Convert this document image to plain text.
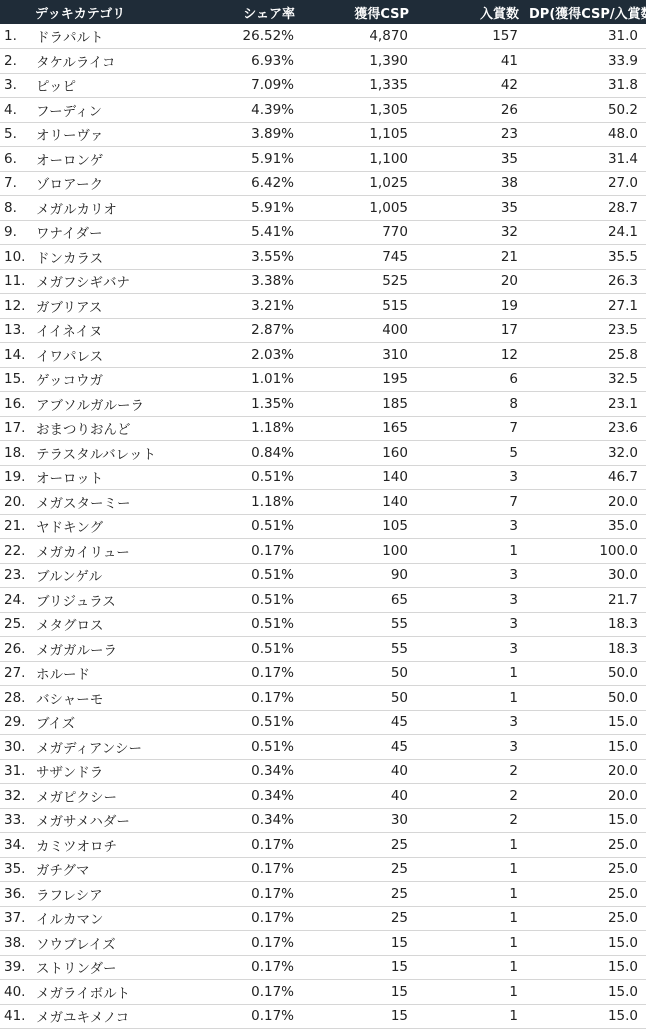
	デッキカテゴリ	シェア率	獲得CSP	入賞数	DP(獲得CSP/入賞数)
1.	ドラパルト	26.52%	4,870	157	31.0
2.	タケルライコ	6.93%	1,390	41	33.9
3.	ピッピ	7.09%	1,335	42	31.8
4.	フーディン	4.39%	1,305	26	50.2
5.	オリーヴァ	3.89%	1,105	23	48.0
6.	オーロンゲ	5.91%	1,100	35	31.4
7.	ゾロアーク	6.42%	1,025	38	27.0
8.	メガルカリオ	5.91%	1,005	35	28.7
9.	ワナイダー	5.41%	770	32	24.1
10.	ドンカラス	3.55%	745	21	35.5
11.	メガフシギバナ	3.38%	525	20	26.3
12.	ガブリアス	3.21%	515	19	27.1
13.	イイネイヌ	2.87%	400	17	23.5
14.	イワパレス	2.03%	310	12	25.8
15.	ゲッコウガ	1.01%	195	6	32.5
16.	アブソルガルーラ	1.35%	185	8	23.1
17.	おまつりおんど	1.18%	165	7	23.6
18.	テラスタルバレット	0.84%	160	5	32.0
19.	オーロット	0.51%	140	3	46.7
20.	メガスターミー	1.18%	140	7	20.0
21.	ヤドキング	0.51%	105	3	35.0
22.	メガカイリュー	0.17%	100	1	100.0
23.	ブルンゲル	0.51%	90	3	30.0
24.	ブリジュラス	0.51%	65	3	21.7
25.	メタグロス	0.51%	55	3	18.3
26.	メガガルーラ	0.51%	55	3	18.3
27.	ホルード	0.17%	50	1	50.0
28.	バシャーモ	0.17%	50	1	50.0
29.	ブイズ	0.51%	45	3	15.0
30.	メガディアンシー	0.51%	45	3	15.0
31.	サザンドラ	0.34%	40	2	20.0
32.	メガピクシー	0.34%	40	2	20.0
33.	メガサメハダー	0.34%	30	2	15.0
34.	カミツオロチ	0.17%	25	1	25.0
35.	ガチグマ	0.17%	25	1	25.0
36.	ラフレシア	0.17%	25	1	25.0
37.	イルカマン	0.17%	25	1	25.0
38.	ソウブレイズ	0.17%	15	1	15.0
39.	ストリンダー	0.17%	15	1	15.0
40.	メガライボルト	0.17%	15	1	15.0
41.	メガユキメノコ	0.17%	15	1	15.0
